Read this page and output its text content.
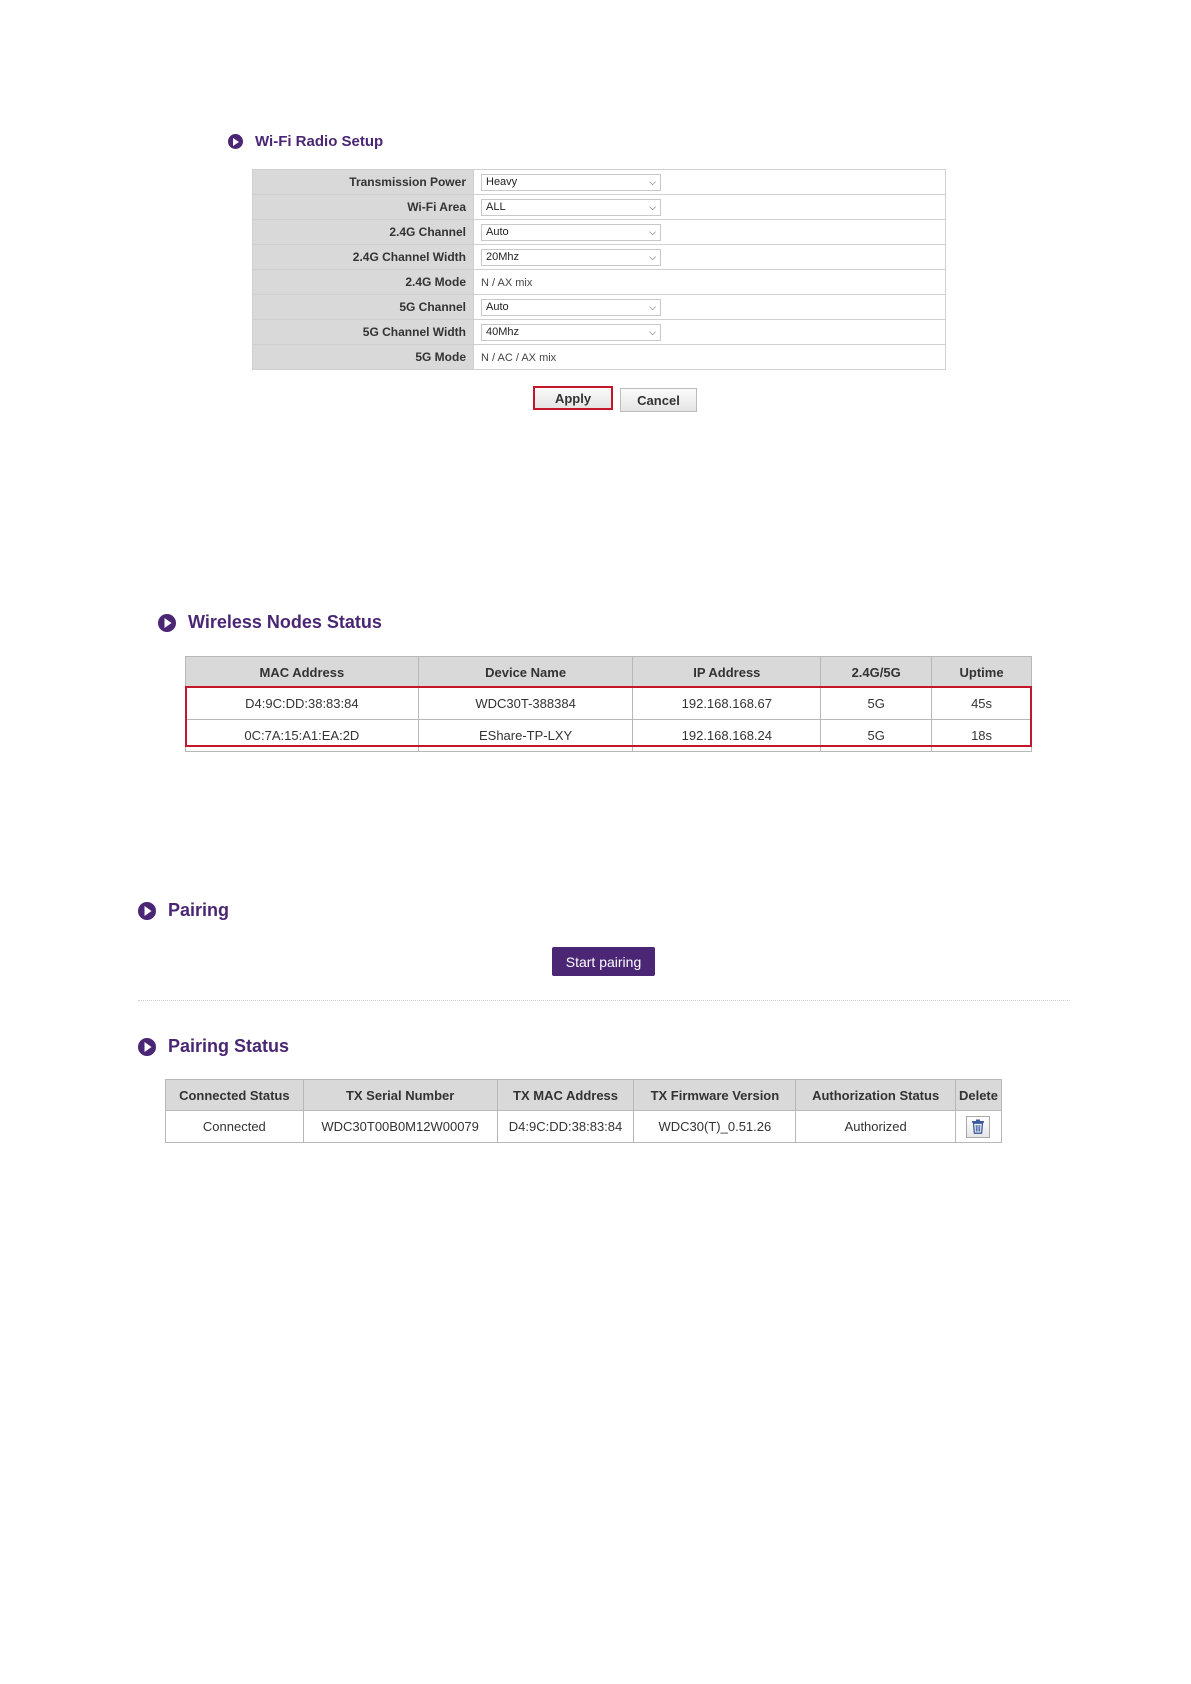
Wi-Fi Radio Setup
Transmission Power	Heavy ⌵

Wi-Fi Area	ALL ⌵

2.4G Channel	Auto ⌵

2.4G Channel Width	20Mhz ⌵

2.4G Mode	N / AX mix
5G Channel	Auto ⌵

5G Channel Width	40Mhz ⌵

5G Mode	N / AC / AX mix
Apply	Cancel
Wireless Nodes Status
MAC Address	Device Name	IP Address	2.4G/5G	Uptime
D4:9C:DD:38:83:84	WDC30T-388384	192.168.168.67	5G	45s
0C:7A:15:A1:EA:2D	EShare-TP-LXY	192.168.168.24	5G	18s
Pairing
Start pairing
Pairing Status
Connected Status	TX Serial Number	TX MAC Address	TX Firmware Version	Authorization Status	Delete
Connected	WDC30T00B0M12W00079	D4:9C:DD:38:83:84	WDC30(T)_0.51.26	Authorized	
